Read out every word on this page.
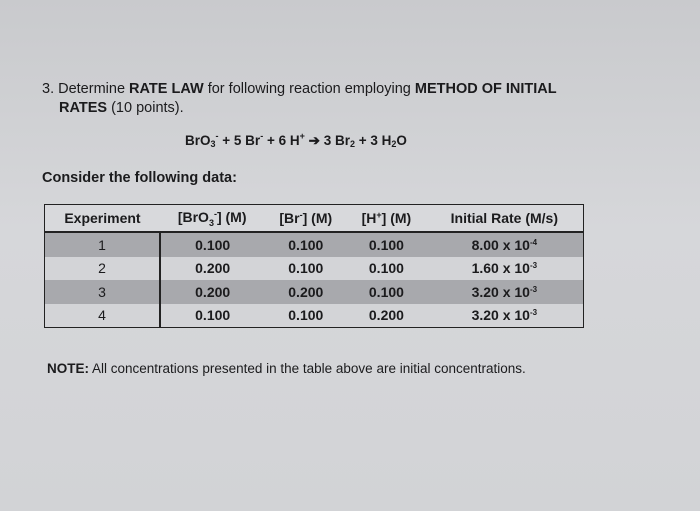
3. Determine RATE LAW for following reaction employing METHOD OF INITIAL
RATES (10 points).
BrO$_3$- + 5 Br- + 6 H+ ➔ 3 $Br_2 + 3$ $H_2O$
Consider the following data:
Experiment	[BrO$_3$-] (M)	[Br-] (M)	[H+] (M)	Initial Rate (M/s)
1	0.100	0.100	0.100	8.00 x $10^{-4}$
2	0.200	0.100	0.100	1.60 x $10^{-3}$
3	0.200	0.200	0.100	3.20 x $10^{-3}$
4	0.100	0.100	0.200	3.20 x $10^{-3}$
NOTE: All concentrations presented in the table above are initial concentrations.
